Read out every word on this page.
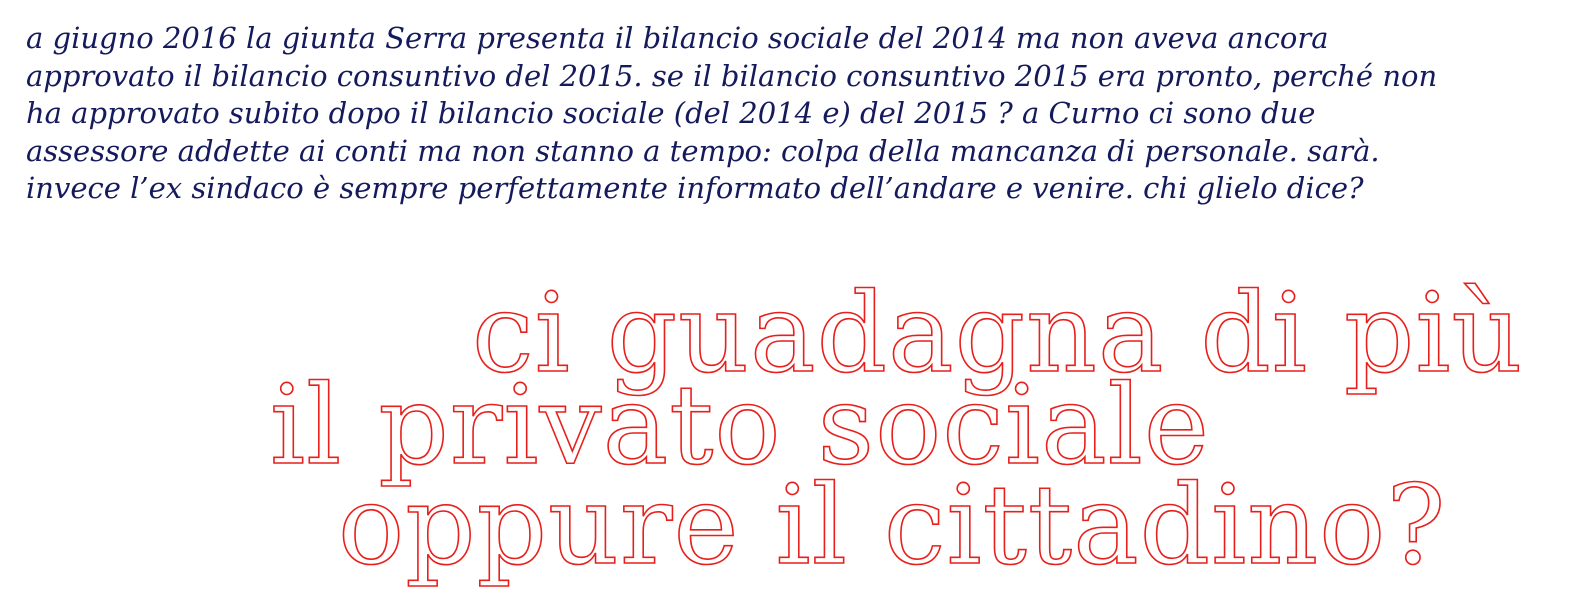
a giugno 2016 la giunta Serra presenta il bilancio sociale del 2014 ma non aveva ancora
approvato il bilancio consuntivo del 2015. se il bilancio consuntivo 2015 era pronto, perché non
ha approvato subito dopo il bilancio sociale (del 2014 e) del 2015 ? a Curno ci sono due
assessore addette ai conti ma non stanno a tempo: colpa della mancanza di personale. sarà.
invece l’ex sindaco è sempre perfettamente informato dell’andare e venire. chi glielo dice?

ci guadagna di più
il privato sociale
oppure il cittadino?
